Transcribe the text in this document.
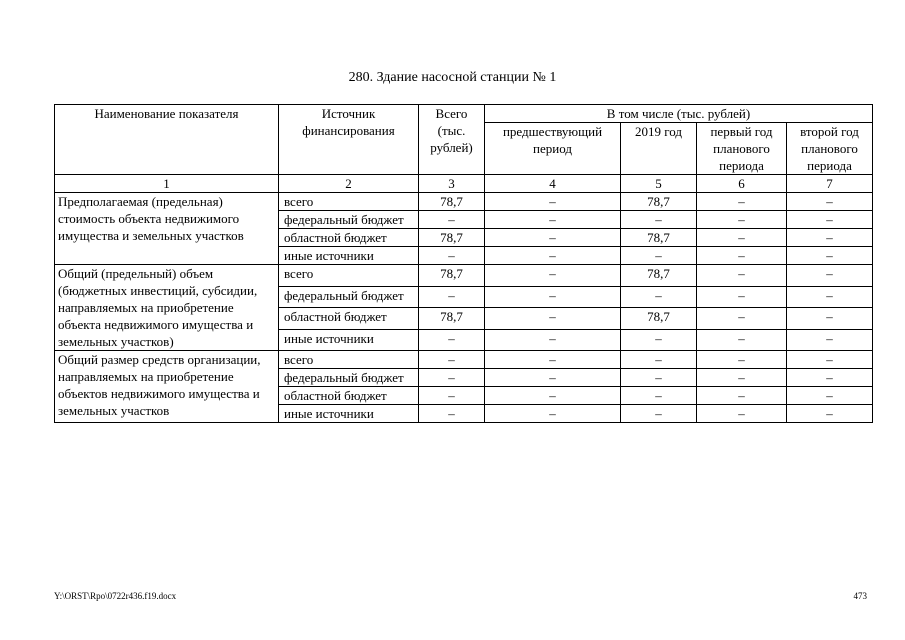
280. Здание насосной станции № 1
Наименование показателя	Источник финансирования	Всего (тыс. рублей)	В том числе (тыс. рублей)			
			предшествующий период	2019 год	первый год планового периода	второй год планового периода
1	2	3	4	5	6	7
Предполагаемая (предельная) стоимость объекта недвижимого имущества и земельных участков	всего	78,7	–	78,7	–	–
	федеральный бюджет	–	–	–	–	–
	областной бюджет	78,7	–	78,7	–	–
	иные источники	–	–	–	–	–
Общий (предельный) объем (бюджетных инвестиций, субсидии, направляемых на приобретение объекта недвижимого имущества и земельных участков)	всего	78,7	–	78,7	–	–
	федеральный бюджет	–	–	–	–	–
	областной бюджет	78,7	–	78,7	–	–
	иные источники	–	–	–	–	–
Общий размер средств организации, направляемых на приобретение объектов недвижимого имущества и земельных участков	всего	–	–	–	–	–
	федеральный бюджет	–	–	–	–	–
	областной бюджет	–	–	–	–	–
	иные источники	–	–	–	–	–
Y:\ORST\Rpo\0722r436.f19.docx	473
